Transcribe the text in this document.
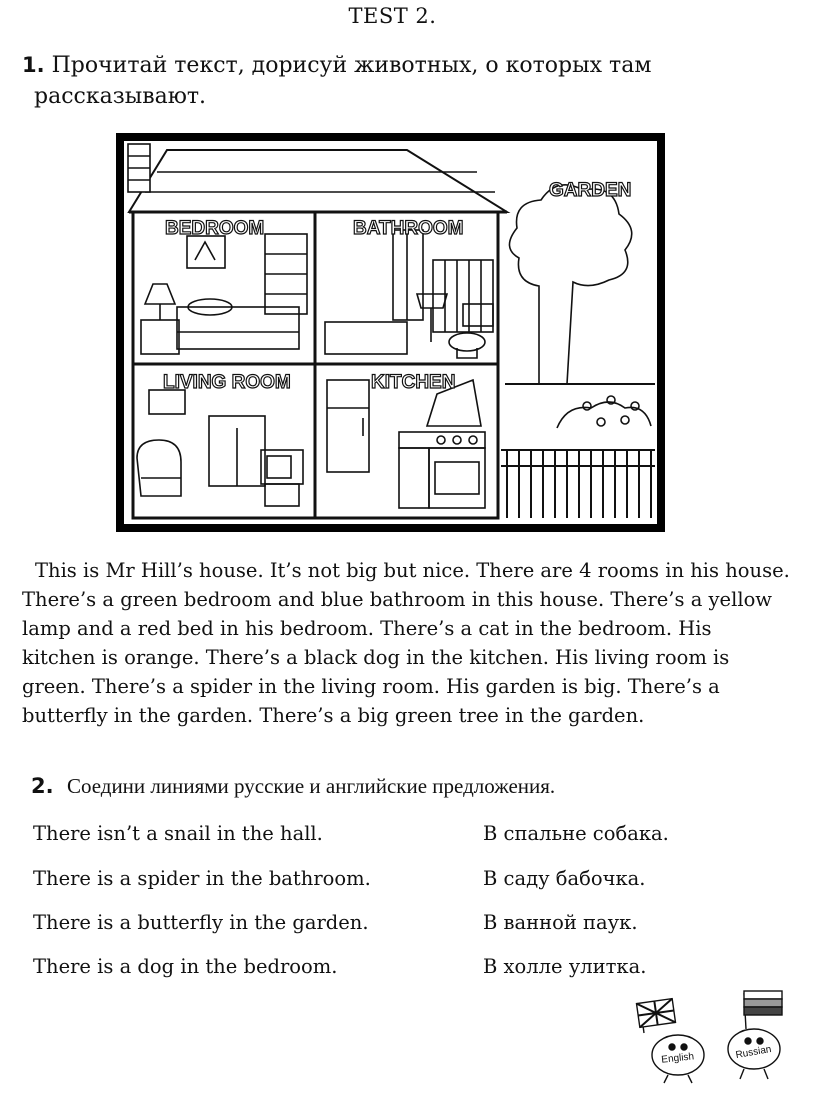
TEST 2.
1. Прочитай текст, дорисуй животных, о которых там
рассказывают.
BEDROOM	BATHROOM
LIVING ROOM	KITCHEN
GARDEN
This is Mr Hill’s house. It’s not big but nice. There are 4 rooms in his house. There’s a green bedroom and blue bathroom in this house. There’s a yellow lamp and a red bed in his bedroom. There’s a cat in the bedroom. His kitchen is orange. There’s a black dog in the kitchen. His living room is green. There’s a spider in the living room. His garden is big. There’s a butterfly in the garden. There’s a big green tree in the garden.
2. Соедини линиями русские и английские предложения.
There isn’t a snail in the hall.
There is a spider in the bathroom.
There is a butterfly in the garden.
There is a dog in the bedroom.
В спальне собака.
В саду бабочка.
В ванной паук.
В холле улитка.
English	Russian
